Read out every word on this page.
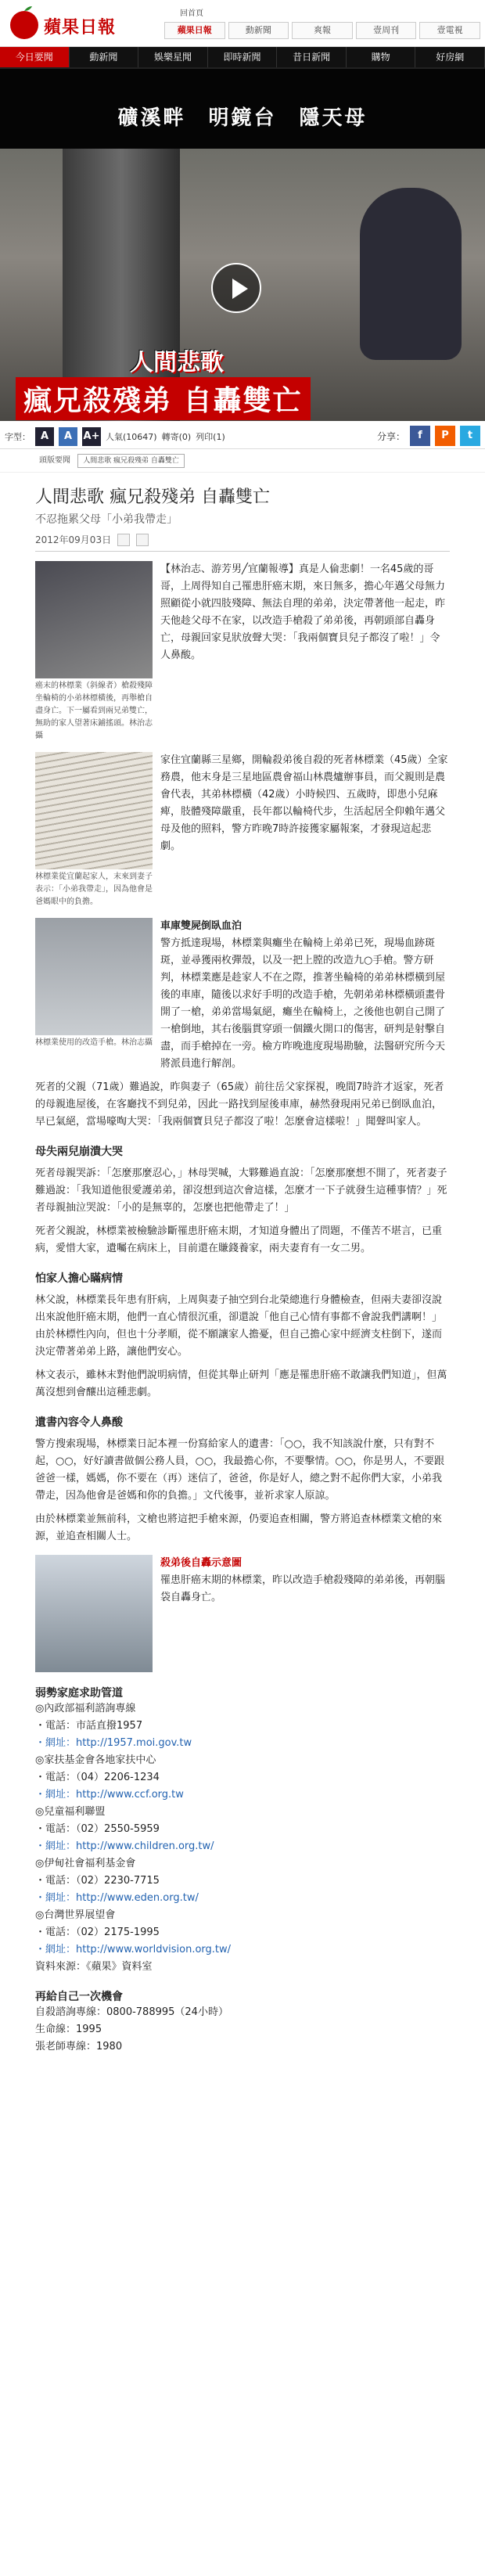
蘋果日報
回首頁
蘋果日報	動新聞	爽報	壹周刊	壹電視
今日要聞	動新聞	娛樂星聞	即時新聞	昔日新聞	購物	好房網
礦溪畔　明鏡台　隱天母
人間悲歌
瘋兄殺殘弟 自轟雙亡
字型： A	A	A+ 人氣(10647) 轉寄(0) 列印(1)	分享：	f	P	t
頭版要聞 人間悲歌 瘋兄殺殘弟 自轟雙亡
人間悲歌 瘋兄殺殘弟 自轟雙亡
不忍拖累父母「小弟我帶走」
2012年09月03日
癌末的林標業（斜線者）槍殺殘障坐輪椅的小弟林標橫後，再舉槍自盡身亡。下一屬看到兩兄弟雙亡，無助的家人望著床鋪搖頭。林治志攝
【林治志、游芳男╱宜蘭報導】真是人倫悲劇！一名45歲的哥哥，上周得知自己罹患肝癌末期，來日無多，擔心年邁父母無力照顧從小就四肢殘障、無法自理的弟弟，決定帶著他一起走，昨天他趁父母不在家，以改造手槍殺了弟弟後，再朝頭部自轟身亡，母親回家見狀放聲大哭：「我兩個寶貝兒子都沒了啦！」令人鼻酸。
林標業從宜蘭起家人，末來到妻子表示：「小弟我帶走」，因為他會是爸媽眼中的負擔。
家住宜蘭縣三星鄉，開輪殺弟後自殺的死者林標業（45歲）全家務農，他末身是三星地區農會福山林農爐辦事員，而父親則是農會代表，其弟林標橫（42歲）小時候四、五歲時，即患小兒麻痺，肢體殘障嚴重，長年都以輪椅代步，生活起居全仰賴年邁父母及他的照料，警方昨晚7時許接獲家屬報案，才發現這起悲劇。
林標業使用的改造手槍。林治志攝
車庫雙屍倒臥血泊
警方抵達現場，林標業與癱坐在輪椅上弟弟已死，現場血跡斑斑，並尋獲兩枚彈殼，以及一把上膛的改造九○手槍。警方研判，林標業應是趁家人不在之際，推著坐輪椅的弟弟林標橫到屋後的車庫，隨後以求好手明的改造手槍，先朝弟弟林標橫頭畫骨開了一槍，弟弟當場氣絕，癱坐在輪椅上，之後他也朝自己開了一槍倒地，其右後腦貫穿頭一個鐵火開口的傷害，研判是射擊自盡，而手槍掉在一旁。檢方昨晚進度現場勘驗，法醫研究所今天將派員進行解剖。

死者的父親（71歲）難過說，昨與妻子（65歲）前往岳父家探視，晚間7時許才返家，死者的母親進屋後，在客廳找不到兒弟，因此一路找到屋後車庫，赫然發現兩兄弟已倒臥血泊，早已氣絕，當場嚎啕大哭：「我兩個寶貝兒子都沒了啦！怎麼會這樣啦！」聞聲叫家人。

母失兩兒崩潰大哭

死者母親哭訴：「怎麼那麼忍心，」林母哭喊，大夥難過直說：「怎麼那麼想不開了，死者妻子難過說：「我知道他很愛護弟弟，卻沒想到這次會這樣，怎麼才一下子就發生這種事情？」死者母親抽泣哭說：「小的是無辜的，怎麼也把他帶走了！」

死者父親說，林標業被檢驗診斷罹患肝癌末期，才知道身體出了問題，不僅苦不堪言，已重病，愛惜大家，遺囑在病床上，目前還在賺錢養家，兩夫妻育有一女二男。

怕家人擔心瞞病情

林父說，林標業長年患有肝病，上周與妻子抽空到台北榮總進行身體檢查，但兩夫妻卻沒說出來說他肝癌末期，他們一直心情很沉重，卻還說「他自己心情有事都不會說我們講啊！」由於林標性內向，但也十分孝順，從不願讓家人擔憂，但自己擔心家中經濟支柱倒下，遂而決定帶著弟弟上路，讓他們安心。

林文表示，雖林末對他們說明病情，但從其舉止研判「應是罹患肝癌不敢讓我們知道」，但萬萬沒想到會釀出這種悲劇。

遺書內容令人鼻酸

警方搜索現場，林標業日記本裡一份寫給家人的遺書：「○○，我不知該說什麼，只有對不起，○○，好好讀書做個公務人員，○○，我最擔心你，不要擊情。○○，你是男人，不要跟爸爸一樣，媽媽，你不要在（再）迷信了，爸爸，你是好人，總之對不起你們大家，小弟我帶走，因為他會是爸媽和你的負擔。」文代後事，並祈求家人原諒。

由於林標業並無前科，文槍也將這把手槍來源，仍要追查相關，警方將追查林標業文槍的來源，並追查相關人士。

殺弟後自轟示意圖
罹患肝癌末期的林標業，昨以改造手槍殺殘障的弟弟後，再朝腦袋自轟身亡。
弱勢家庭求助管道
◎內政部福利諮詢專線
・電話：市話直撥1957
・網址：http://1957.moi.gov.tw
◎家扶基金會各地家扶中心
・電話：（04）2206-1234
・網址：http://www.ccf.org.tw
◎兒童福利聯盟
・電話：（02）2550-5959
・網址：http://www.children.org.tw/
◎伊甸社會福利基金會
・電話：（02）2230-7715
・網址：http://www.eden.org.tw/
◎台灣世界展望會
・電話：（02）2175-1995
・網址：http://www.worldvision.org.tw/
資料來源：《蘋果》資料室
再給自己一次機會
自殺諮詢專線：0800-788995（24小時）
生命線：1995
張老師專線：1980
